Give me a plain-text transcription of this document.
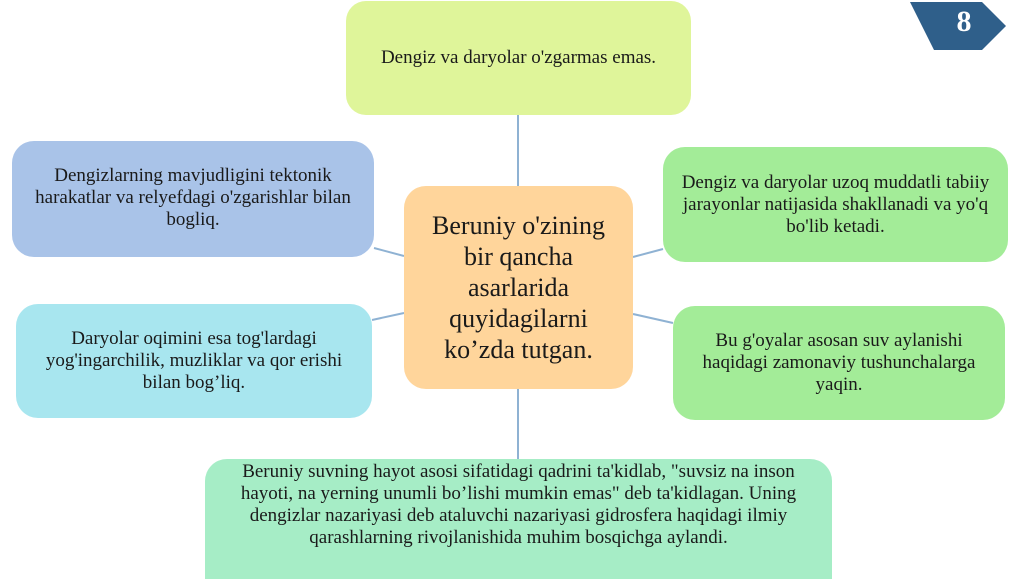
Dengiz va daryolar o'zgarmas emas.
Dengizlarning mavjudligini tektonik harakatlar va relyefdagi o'zgarishlar bilan bogliq.	Beruniy o'zining bir qancha asarlarida quyidagilarni ko’zda tutgan.
Dengiz va daryolar uzoq muddatli tabiiy jarayonlar natijasida shakllanadi va yo'q bo'lib ketadi.
Daryolar oqimini esa tog'lardagi yog'ingarchilik, muzliklar va qor erishi bilan bog’liq.
Bu g'oyalar asosan suv aylanishi haqidagi zamonaviy tushunchalarga yaqin.
Beruniy suvning hayot asosi sifatidagi qadrini ta'kidlab, "suvsiz na inson hayoti, na yerning unumli bo’lishi mumkin emas" deb ta'kidlagan. Uning dengizlar nazariyasi deb ataluvchi nazariyasi gidrosfera haqidagi ilmiy qarashlarning rivojlanishida muhim bosqichga aylandi.
8
